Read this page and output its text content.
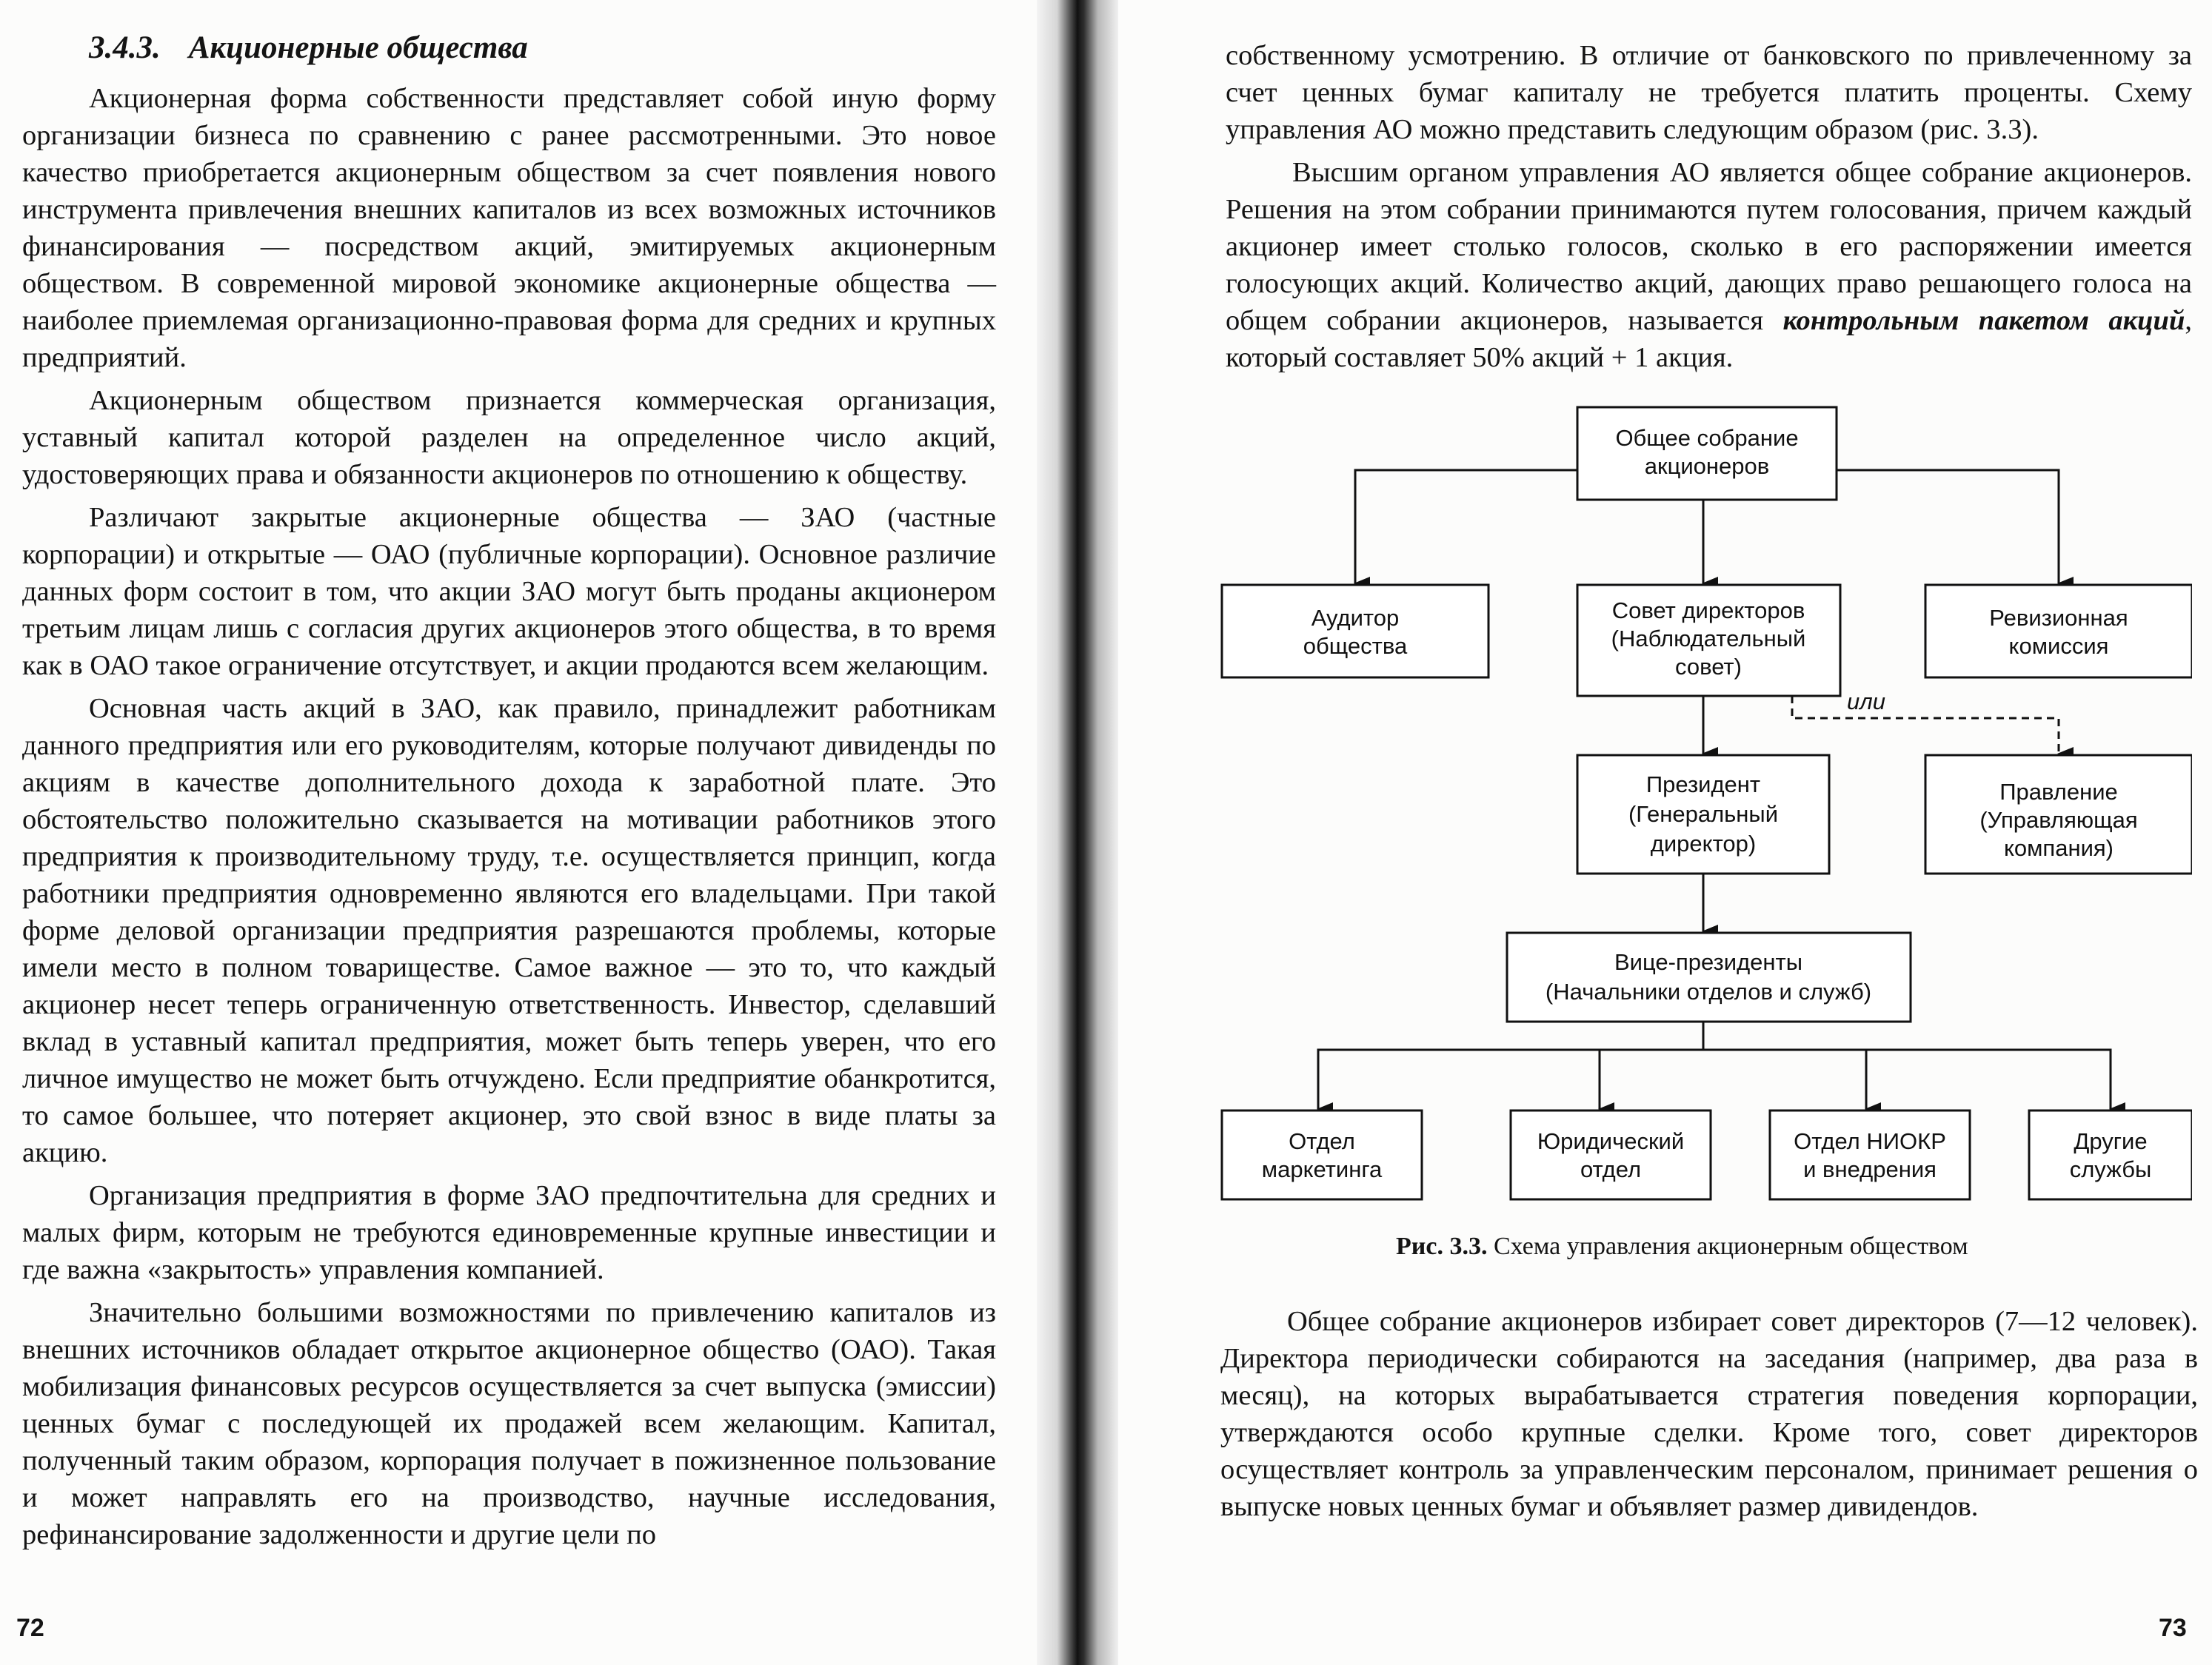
3.4.3. Акционерные общества

Акционерная форма собственности представляет собой иную форму организации бизнеса по сравнению с ранее рассмотренными. Это новое качество приобретается акционерным обществом за счет появления нового инструмента привлечения внешних капиталов из всех возможных источников финансирования — посредством акций, эмитируемых акционерным обществом. В современной мировой экономике акционерные общества — наиболее приемлемая организационно-правовая форма для средних и крупных предприятий.

Акционерным обществом признается коммерческая организация, уставный капитал которой разделен на определенное число акций, удостоверяющих права и обязанности акционеров по отношению к обществу.

Различают закрытые акционерные общества — ЗАО (частные корпорации) и открытые — ОАО (публичные корпорации). Основное различие данных форм состоит в том, что акции ЗАО могут быть проданы акционером третьим лицам лишь с согласия других акционеров этого общества, в то время как в ОАО такое ограничение отсутствует, и акции продаются всем желающим.

Основная часть акций в ЗАО, как правило, принадлежит работникам данного предприятия или его руководителям, которые получают дивиденды по акциям в качестве дополнительного дохода к заработной плате. Это обстоятельство положительно сказывается на мотивации работников этого предприятия к производительному труду, т.е. осуществляется принцип, когда работники предприятия одновременно являются его владельцами. При такой форме деловой организации предприятия разрешаются проблемы, которые имели место в полном товариществе. Самое важное — это то, что каждый акционер несет теперь ограниченную ответственность. Инвестор, сделавший вклад в уставный капитал предприятия, может быть теперь уверен, что его личное имущество не может быть отчуждено. Если предприятие обанкротится, то самое большее, что потеряет акционер, это свой взнос в виде платы за акцию.

Организация предприятия в форме ЗАО предпочтительна для средних и малых фирм, которым не требуются единовременные крупные инвестиции и где важна «закрытость» управления компанией.

Значительно большими возможностями по привлечению капиталов из внешних источников обладает открытое акционерное общество (ОАО). Такая мобилизация финансовых ресурсов осуществляется за счет выпуска (эмиссии) ценных бумаг с последующей их продажей всем желающим. Капитал, полученный таким образом, корпорация получает в пожизненное пользование и может направлять его на производство, научные исследования, рефинансирование задолженности и другие цели по

72

собственному усмотрению. В отличие от банковского по привлеченному за счет ценных бумаг капиталу не требуется платить проценты. Схему управления АО можно представить следующим образом (рис. 3.3).

Высшим органом управления АО является общее собрание акционеров. Решения на этом собрании принимаются путем голосования, причем каждый акционер имеет столько голосов, сколько в его распоряжении имеется голосующих акций. Количество акций, дающих право решающего голоса на общем собрании акционеров, называется контрольным пакетом акций, который составляет 50% акций + 1 акция.

Общее собрание
акционеров
Аудитор
общества
Совет директоров
(Наблюдательный
совет)
Ревизионная
комиссия
Президент
(Генеральный
директор)
Правление
(Управляющая
компания)
Вице-президенты
(Начальники отделов и служб)
Отдел
маркетинга
Юридический
отдел
Отдел НИОКР
и внедрения
Другие
службы
или
Рис. 3.3. Схема управления акционерным обществом

Общее собрание акционеров избирает совет директоров (7—12 человек). Директора периодически собираются на заседания (например, два раза в месяц), на которых вырабатывается стратегия поведения корпорации, утверждаются особо крупные сделки. Кроме того, совет директоров осуществляет контроль за управленческим персоналом, принимает решения о выпуске новых ценных бумаг и объявляет размер дивидендов.

73
